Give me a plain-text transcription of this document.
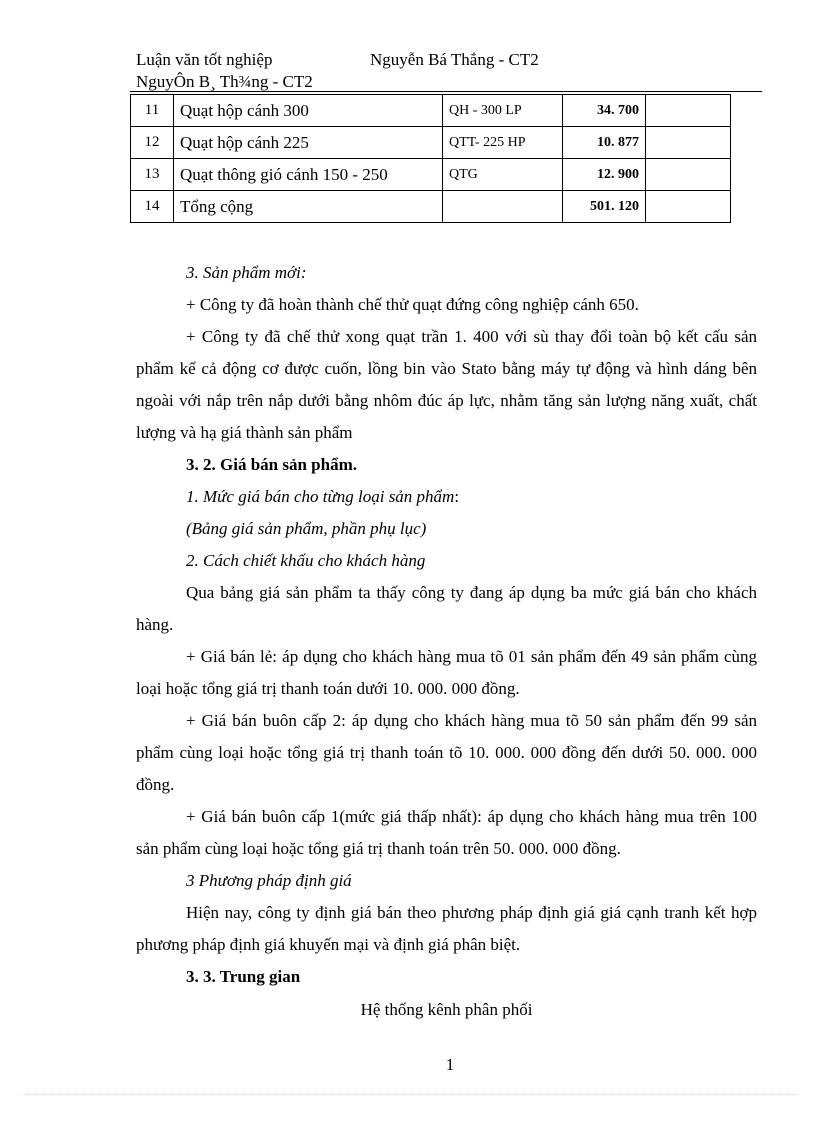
Luận văn tốt nghiệp	Nguyễn Bá Thắng - CT2
NguyÔn B¸ Th¾ng - CT2
11	Quạt hộp cánh 300	QH - 300 LP	34. 700	
12	Quạt hộp cánh 225	QTT- 225 HP	10. 877	
13	Quạt thông gió cánh 150 - 250	QTG	12. 900	
14	Tổng cộng		501. 120	
3. Sản phẩm mới:
+ Công ty đã hoàn thành chế thử quạt đứng công nghiệp cánh 650.
+ Công ty đã chế thử xong quạt trần 1. 400 với sù thay đổi toàn bộ kết cấu sản phẩm kể cả động cơ được cuốn, lồng bin vào Stato bằng máy tự động và hình dáng bên ngoài với nắp trên nắp dưới bằng nhôm đúc áp lực, nhằm tăng sản lượng năng xuất, chất lượng và hạ giá thành sản phẩm
3. 2. Giá bán sản phẩm.
1. Mức giá bán cho từng loại sản phẩm:
(Bảng giá sản phẩm, phần phụ lục)
2. Cách chiết khấu cho khách hàng
Qua bảng giá sản phẩm ta thấy công ty đang áp dụng ba mức giá bán cho khách hàng.
+ Giá bán lẻ: áp dụng cho khách hàng mua tõ 01 sản phẩm đến 49 sản phẩm cùng loại hoặc tổng giá trị thanh toán dưới 10. 000. 000 đồng.
+ Giá bán buôn cấp 2: áp dụng cho khách hàng mua tõ 50 sản phẩm đến 99 sản phẩm cùng loại hoặc tổng giá trị thanh toán tõ 10. 000. 000 đồng đến dưới 50. 000. 000 đồng.
+ Giá bán buôn cấp 1(mức giá thấp nhất): áp dụng cho khách hàng mua trên 100 sản phẩm cùng loại hoặc tổng giá trị thanh toán trên 50. 000. 000 đồng.
3 Phương pháp định giá
Hiện nay, công ty định giá bán theo phương pháp định giá giá cạnh tranh kết hợp phương pháp định giá khuyến mại và định giá phân biệt.
3. 3. Trung gian
Hệ thống kênh phân phối
1
